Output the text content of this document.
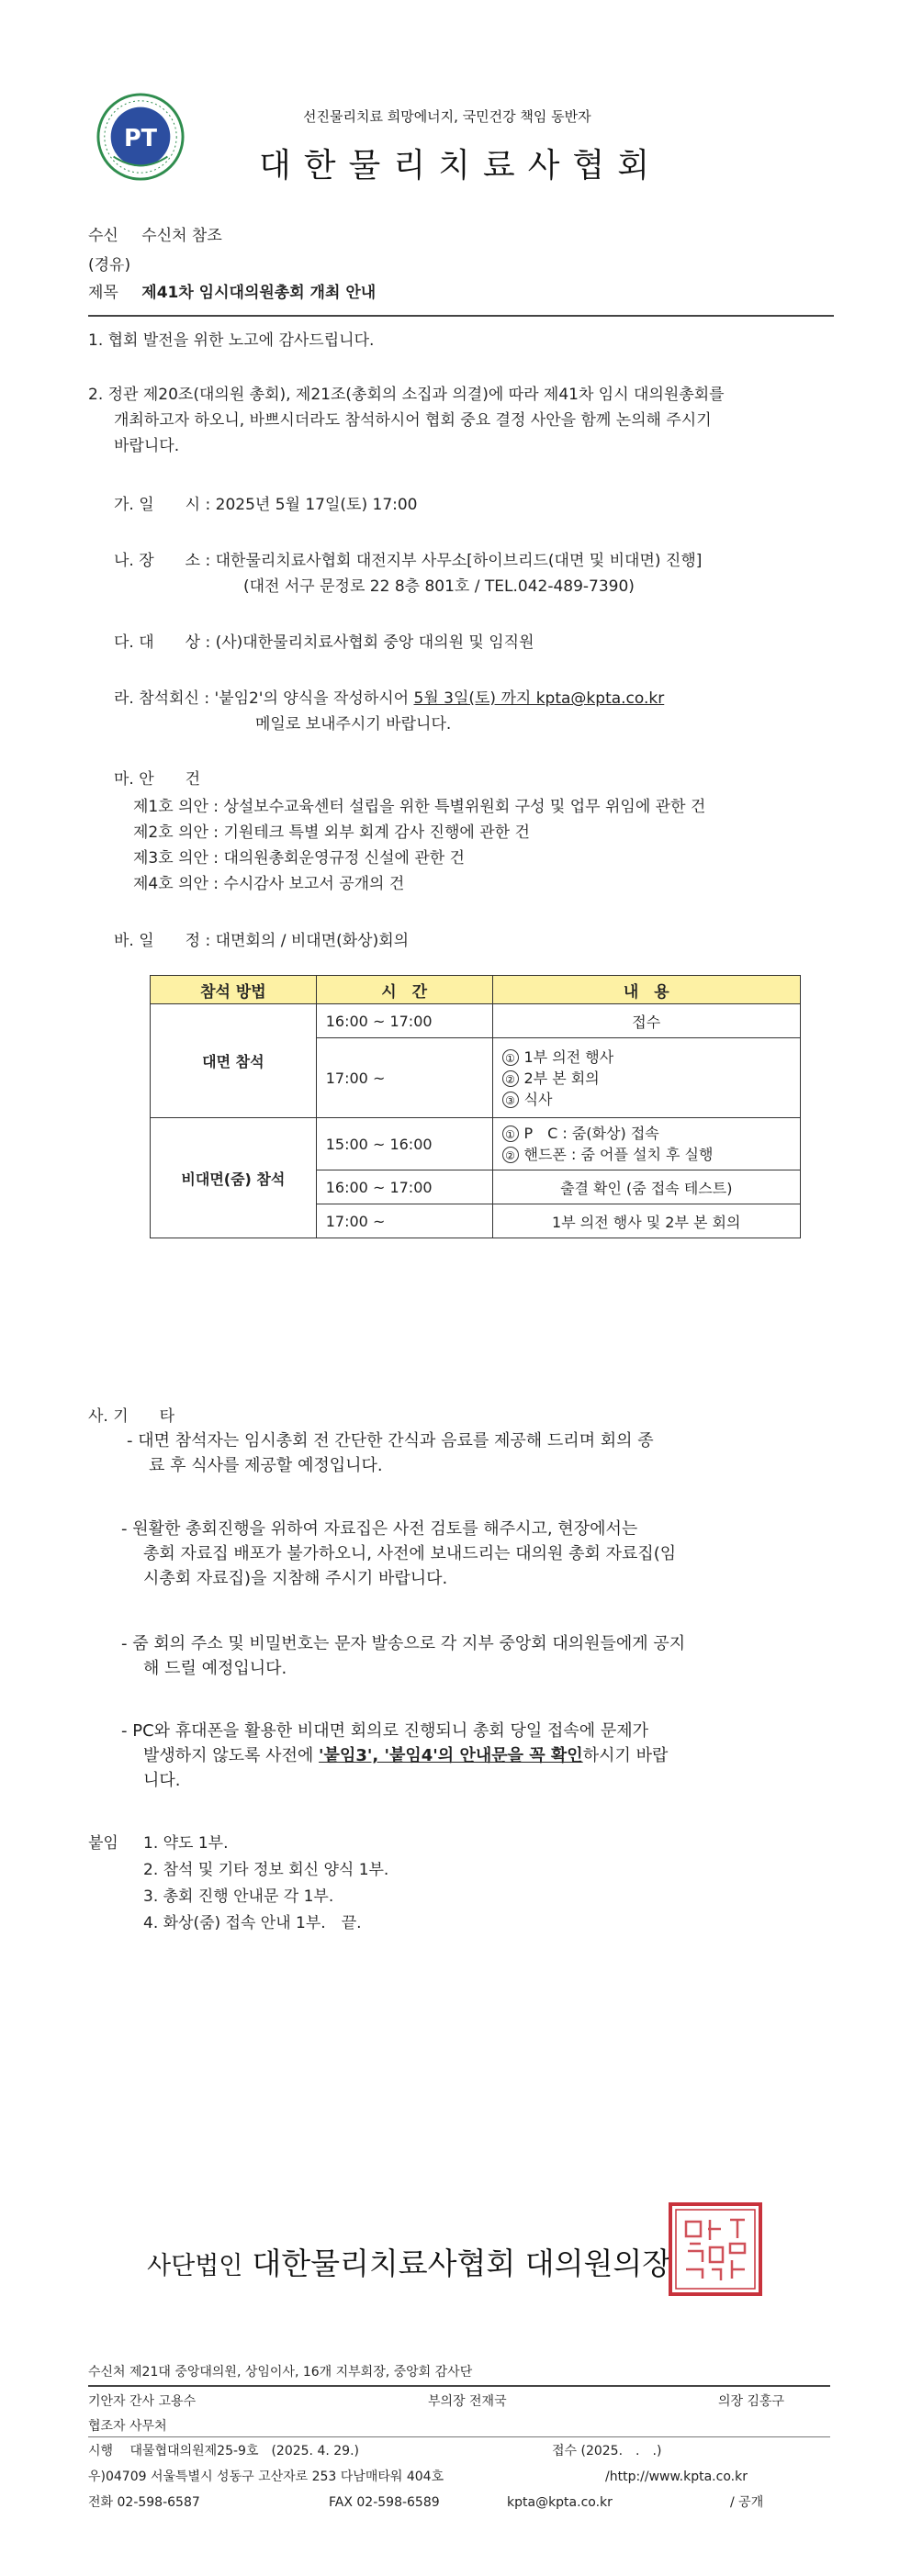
PT
선진물리치료 희망에너지, 국민건강 책임 동반자
대한물리치료사협회
수신 수신처 참조
(경유)
제목 제41차 임시대의원총회 개최 안내
1. 협회 발전을 위한 노고에 감사드립니다.
2. 정관 제20조(대의원 총회), 제21조(총회의 소집과 의결)에 따라 제41차 임시 대의원총회를
개최하고자 하오니, 바쁘시더라도 참석하시어 협회 중요 결정 사안을 함께 논의해 주시기
바랍니다.
가. 일　　시 : 2025년 5월 17일(토) 17:00
나. 장　　소 : 대한물리치료사협회 대전지부 사무소[하이브리드(대면 및 비대면) 진행]
(대전 서구 문정로 22 8층 801호 / TEL.042-489-7390)
다. 대　　상 : (사)대한물리치료사협회 중앙 대의원 및 임직원
라. 참석회신 : '붙임2'의 양식을 작성하시어 5월 3일(토) 까지 kpta@kpta.co.kr
메일로 보내주시기 바랍니다.
마. 안　　건
제1호 의안 : 상설보수교육센터 설립을 위한 특별위원회 구성 및 업무 위임에 관한 건
제2호 의안 : 기원테크 특별 외부 회계 감사 진행에 관한 건
제3호 의안 : 대의원총회운영규정 신설에 관한 건
제4호 의안 : 수시감사 보고서 공개의 건
바. 일　　정 : 대면회의 / 비대면(화상)회의
참석 방법	시　간	내　용
대면 참석	16:00 ~ 17:00	접수
	17:00 ~	① 1부 의전 행사
② 2부 본 회의
③ 식사

비대면(줌) 참석	15:00 ~ 16:00	① P　C : 줌(화상) 접속
② 핸드폰 : 줌 어플 설치 후 실행

	16:00 ~ 17:00	출결 확인 (줌 접속 테스트)
	17:00 ~	1부 의전 행사 및 2부 본 회의
사. 기　　타
- 대면 참석자는 임시총회 전 간단한 간식과 음료를 제공해 드리며 회의 종
료 후 식사를 제공할 예정입니다.
- 원활한 총회진행을 위하여 자료집은 사전 검토를 해주시고, 현장에서는
총회 자료집 배포가 불가하오니, 사전에 보내드리는 대의원 총회 자료집(임
시총회 자료집)을 지참해 주시기 바랍니다.
- 줌 회의 주소 및 비밀번호는 문자 발송으로 각 지부 중앙회 대의원들에게 공지
해 드릴 예정입니다.
- PC와 휴대폰을 활용한 비대면 회의로 진행되니 총회 당일 접속에 문제가
발생하지 않도록 사전에 '붙임3', '붙임4'의 안내문을 꼭 확인하시기 바랍
니다.
붙임 1. 약도 1부.
2. 참석 및 기타 정보 회신 양식 1부.
3. 총회 진행 안내문 각 1부.
4. 화상(줌) 접속 안내 1부.　끝.
사단법인 대한물리치료사협회 대의원의장
수신처 제21대 중앙대의원, 상임이사, 16개 지부회장, 중앙회 감사단
기안자 간사 고용수	부의장 전재국	의장 김홍구
협조자 사무처
시행　 대물협대의원제25-9호　(2025. 4. 29.)	접수 (2025.　.　.)
우)04709 서울특별시 성동구 고산자로 253 다남매타워 404호	/http://www.kpta.co.kr
전화 02-598-6587	FAX 02-598-6589	kpta@kpta.co.kr	/ 공개
